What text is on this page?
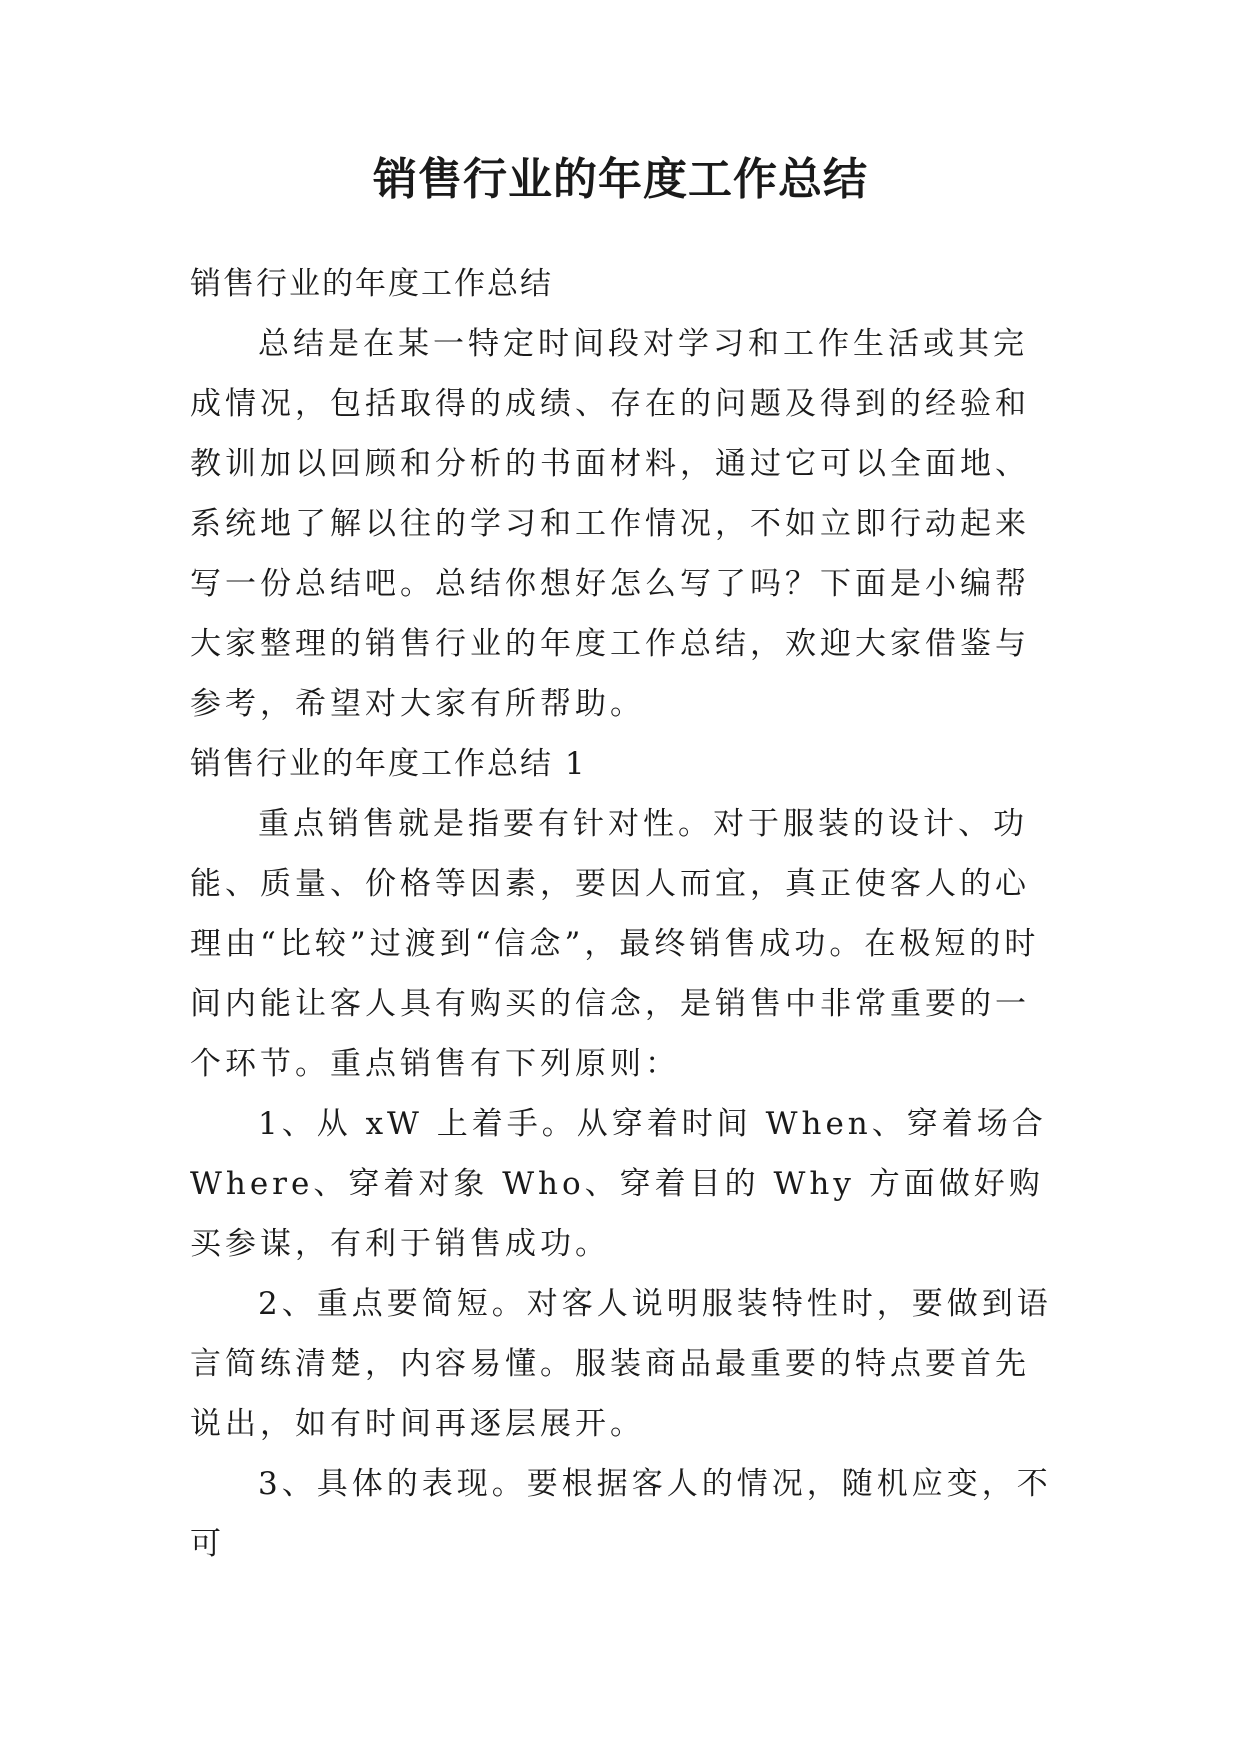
销售行业的年度工作总结

销售行业的年度工作总结

总结是在某一特定时间段对学习和工作生活或其完成情况，包括取得的成绩、存在的问题及得到的经验和教训加以回顾和分析的书面材料，通过它可以全面地、系统地了解以往的学习和工作情况，不如立即行动起来写一份总结吧。总结你想好怎么写了吗？下面是小编帮大家整理的销售行业的年度工作总结，欢迎大家借鉴与参考，希望对大家有所帮助。

销售行业的年度工作总结 1

重点销售就是指要有针对性。对于服装的设计、功能、质量、价格等因素，要因人而宜，真正使客人的心理由“比较”过渡到“信念”，最终销售成功。在极短的时间内能让客人具有购买的信念，是销售中非常重要的一个环节。重点销售有下列原则：

1、从 xW 上着手。从穿着时间 When、穿着场合 Where、穿着对象 Who、穿着目的 Why 方面做好购买参谋，有利于销售成功。

2、重点要简短。对客人说明服装特性时，要做到语言简练清楚，内容易懂。服装商品最重要的特点要首先说出，如有时间再逐层展开。

3、具体的表现。要根据客人的情况，随机应变，不可
